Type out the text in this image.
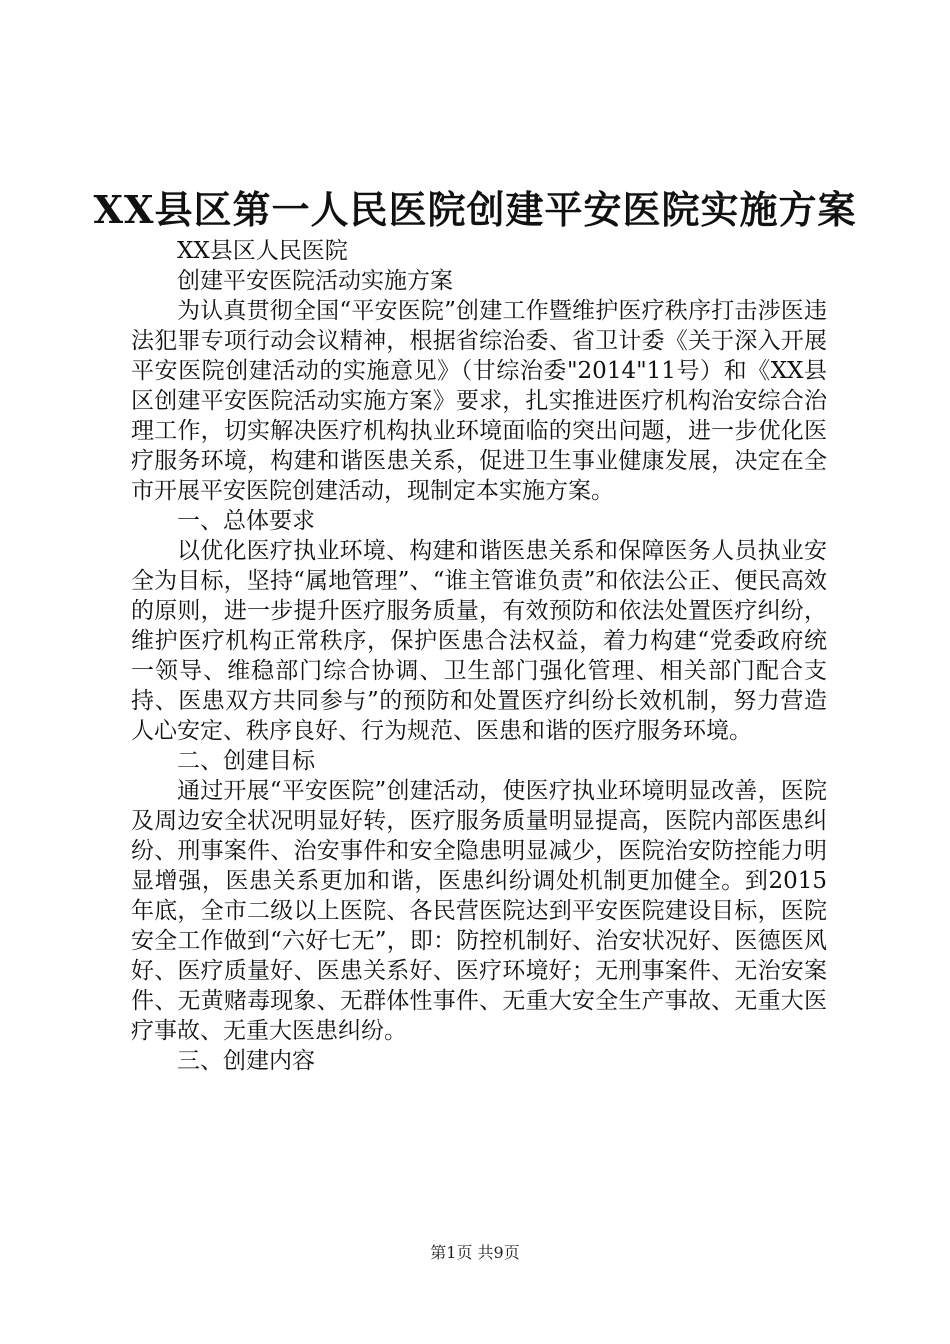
XX县区第一人民医院创建平安医院实施方案

XX县区人民医院

创建平安医院活动实施方案

为认真贯彻全国“平安医院”创建工作暨维护医疗秩序打击涉医违法犯罪专项行动会议精神，根据省综治委、省卫计委《关于深入开展平安医院创建活动的实施意见》（甘综治委"2014"11号）和《XX县区创建平安医院活动实施方案》要求，扎实推进医疗机构治安综合治理工作，切实解决医疗机构执业环境面临的突出问题，进一步优化医疗服务环境，构建和谐医患关系，促进卫生事业健康发展，决定在全市开展平安医院创建活动，现制定本实施方案。

一、总体要求

以优化医疗执业环境、构建和谐医患关系和保障医务人员执业安全为目标，坚持“属地管理”、“谁主管谁负责”和依法公正、便民高效的原则，进一步提升医疗服务质量，有效预防和依法处置医疗纠纷，维护医疗机构正常秩序，保护医患合法权益，着力构建“党委政府统一领导、维稳部门综合协调、卫生部门强化管理、相关部门配合支持、医患双方共同参与”的预防和处置医疗纠纷长效机制，努力营造人心安定、秩序良好、行为规范、医患和谐的医疗服务环境。

二、创建目标

通过开展“平安医院”创建活动，使医疗执业环境明显改善，医院及周边安全状况明显好转，医疗服务质量明显提高，医院内部医患纠纷、刑事案件、治安事件和安全隐患明显减少，医院治安防控能力明显增强，医患关系更加和谐，医患纠纷调处机制更加健全。到2015年底，全市二级以上医院、各民营医院达到平安医院建设目标，医院安全工作做到“六好七无”，即：防控机制好、治安状况好、医德医风好、医疗质量好、医患关系好、医疗环境好；无刑事案件、无治安案件、无黄赌毒现象、无群体性事件、无重大安全生产事故、无重大医疗事故、无重大医患纠纷。

三、创建内容

第1页 共9页
